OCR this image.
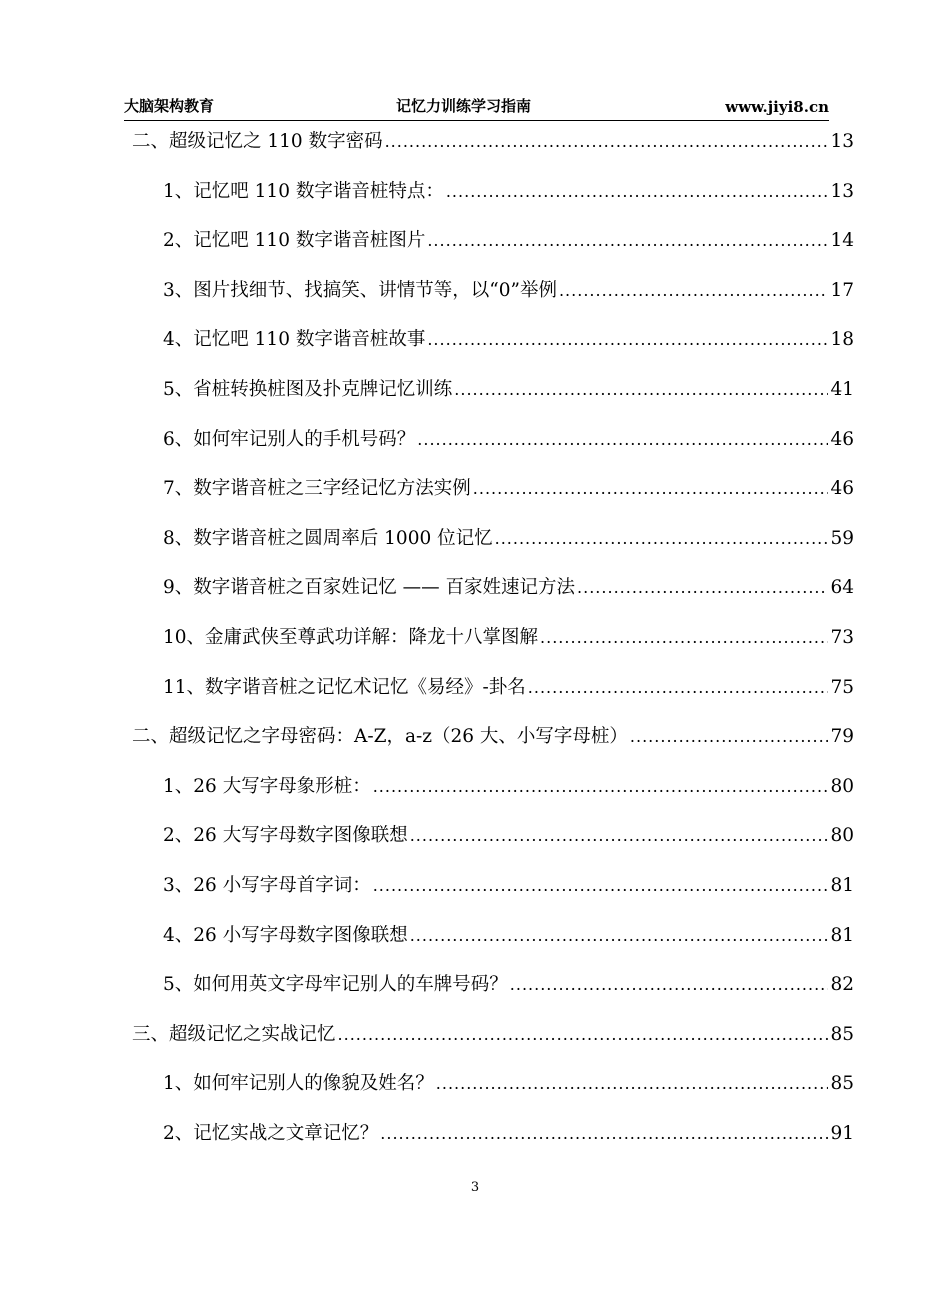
大脑架构教育	记忆力训练学习指南	www.jiyi8.cn
二、超级记忆之 110 数字密码 .....	13
1、记忆吧 110 数字谐音桩特点： .....	13
2、记忆吧 110 数字谐音桩图片 .....	14
3、图片找细节、找搞笑、讲情节等，以“0”举例 .....	17
4、记忆吧 110 数字谐音桩故事 .....	18
5、省桩转换桩图及扑克牌记忆训练 .....	41
6、如何牢记别人的手机号码？ .....	46
7、数字谐音桩之三字经记忆方法实例 .....	46
8、数字谐音桩之圆周率后 1000 位记忆 .....	59
9、数字谐音桩之百家姓记忆 —— 百家姓速记方法 .....	64
10、金庸武侠至尊武功详解：降龙十八掌图解 .....	73
11、数字谐音桩之记忆术记忆《易经》-卦名 .....	75
二、超级记忆之字母密码：A-Z，a-z（26 大、小写字母桩） .....	79
1、26 大写字母象形桩： .....	80
2、26 大写字母数字图像联想 .....	80
3、26 小写字母首字词： .....	81
4、26 小写字母数字图像联想 .....	81
5、如何用英文字母牢记别人的车牌号码？ .....	82
三、超级记忆之实战记忆 .....	85
1、如何牢记别人的像貌及姓名？ .....	85
2、记忆实战之文章记忆？ .....	91
3
